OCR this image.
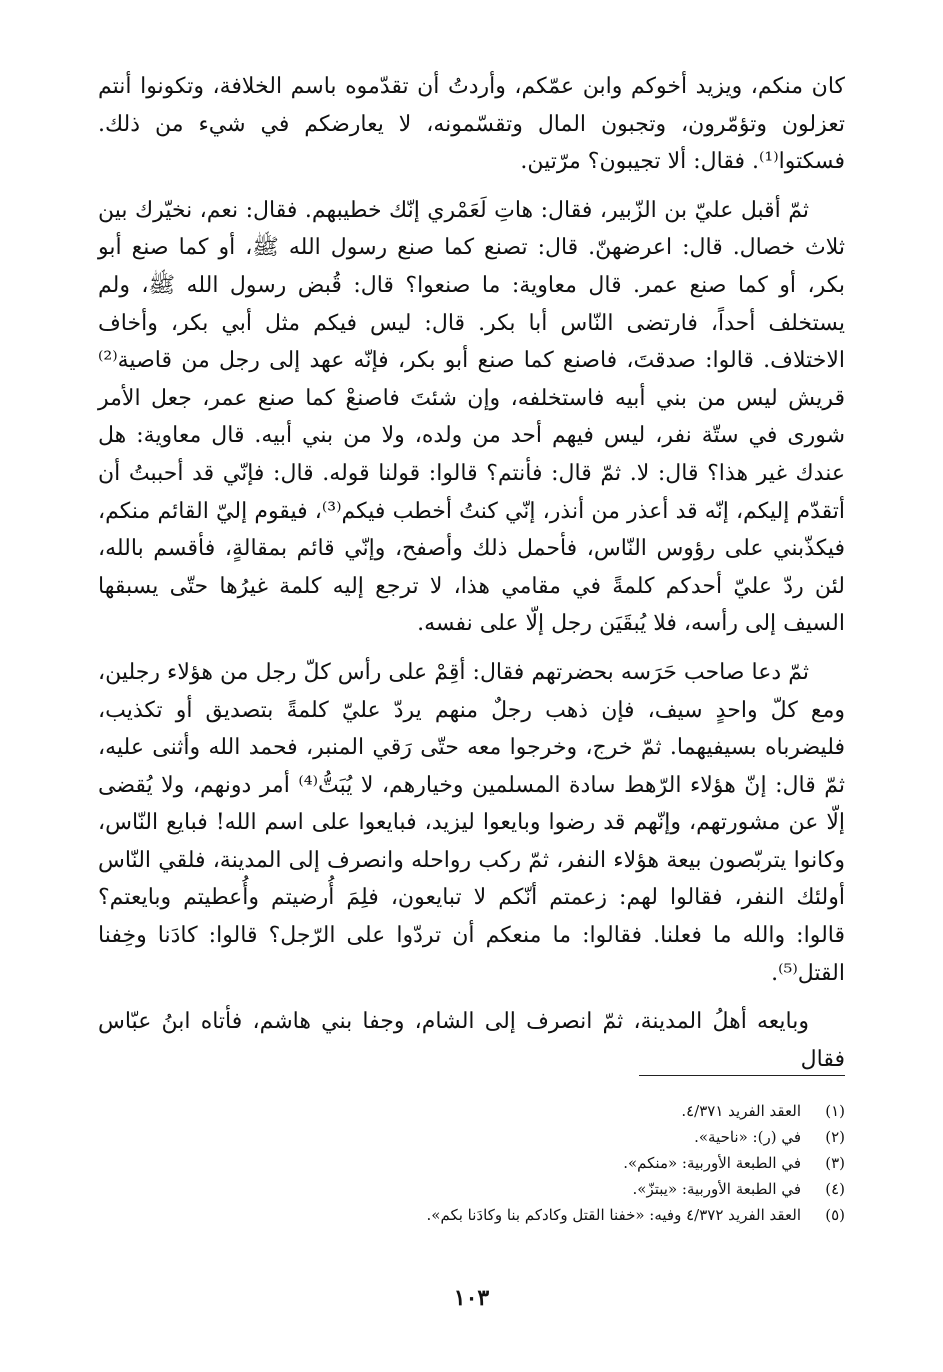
كان منكم، ويزيد أخوكم وابن عمّكم، وأردتُ أن تقدّموه باسم الخلافة، وتكونوا أنتم تعزلون وتؤمّرون، وتجبون المال وتقسّمونه، لا يعارضكم في شيء من ذلك. فسكتوا⁽¹⁾. فقال: ألا تجيبون؟ مرّتين.

ثمّ أقبل عليّ بن الزّبير، فقال: هاتِ لَعَمْري إنّك خطيبهم. فقال: نعم، نخيّرك بين ثلاث خصال. قال: اعرضهنّ. قال: تصنع كما صنع رسول الله ﷺ، أو كما صنع أبو بكر، أو كما صنع عمر. قال معاوية: ما صنعوا؟ قال: قُبض رسول الله ﷺ، ولم يستخلف أحداً، فارتضى النّاس أبا بكر. قال: ليس فيكم مثل أبي بكر، وأخاف الاختلاف. قالوا: صدقتَ، فاصنع كما صنع أبو بكر، فإنّه عهد إلى رجل من قاصية⁽²⁾ قريش ليس من بني أبيه فاستخلفه، وإن شئتَ فاصنعْ كما صنع عمر، جعل الأمر شورى في ستّة نفر، ليس فيهم أحد من ولده، ولا من بني أبيه. قال معاوية: هل عندك غير هذا؟ قال: لا. ثمّ قال: فأنتم؟ قالوا: قولنا قوله. قال: فإنّي قد أحببتُ أن أتقدّم إليكم، إنّه قد أعذر من أنذر، إنّي كنتُ أخطب فيكم⁽³⁾، فيقوم إليّ القائم منكم، فيكذّبني على رؤوس النّاس، فأحمل ذلك وأصفح، وإنّي قائم بمقالةٍ، فأقسم بالله، لئن ردّ عليّ أحدكم كلمةً في مقامي هذا، لا ترجع إليه كلمة غيرُها حتّى يسبقها السيف إلى رأسه، فلا يُبقَيَن رجل إلّا على نفسه.

ثمّ دعا صاحب حَرَسه بحضرتهم فقال: أقِمْ على رأس كلّ رجل من هؤلاء رجلين، ومع كلّ واحدٍ سيف، فإن ذهب رجلٌ منهم يردّ عليّ كلمةً بتصديق أو تكذيب، فليضرباه بسيفيهما. ثمّ خرج، وخرجوا معه حتّى رَقي المنبر، فحمد الله وأثنى عليه، ثمّ قال: إنّ هؤلاء الرّهط سادة المسلمين وخيارهم، لا يُبَتُّ⁽⁴⁾ أمر دونهم، ولا يُقضى إلّا عن مشورتهم، وإنّهم قد رضوا وبايعوا ليزيد، فبايعوا على اسم الله! فبايع النّاس، وكانوا يتربّصون بيعة هؤلاء النفر، ثمّ ركب رواحله وانصرف إلى المدينة، فلقي النّاس أولئك النفر، فقالوا لهم: زعمتم أنّكم لا تبايعون، فلِمَ أُرضيتم وأُعطيتم وبايعتم؟ قالوا: والله ما فعلنا. فقالوا: ما منعكم أن تردّوا على الرّجل؟ قالوا: كادَنا وخِفنا القتل⁽⁵⁾.

وبايعه أهلُ المدينة، ثمّ انصرف إلى الشام، وجفا بني هاشم، فأتاه ابنُ عبّاس فقال

(١)
العقد الفريد ٤/٣٧١.
(٢)
في (ر): «ناحية».
(٣)
في الطبعة الأوربية: «منكم».
(٤)
في الطبعة الأوربية: «يبتزّ».
(٥)
العقد الفريد ٤/٣٧٢ وفيه: «خفنا القتل وكادكم بنا وكادَنا بكم».
١٠٣
